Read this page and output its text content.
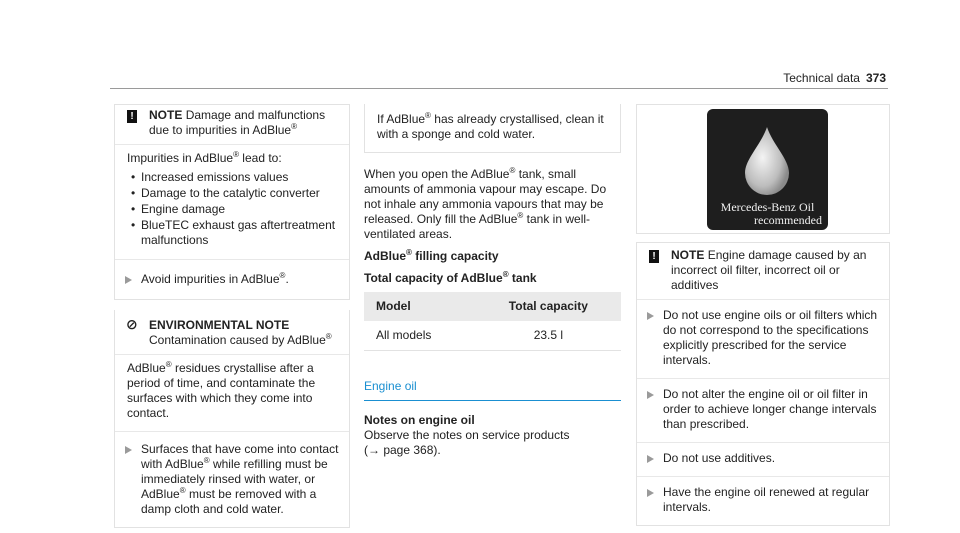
Technical data 373
! NOTE Damage and malfunctions due to impurities in AdBlue®

Impurities in AdBlue® lead to:

• Increased emissions values
• Damage to the catalytic converter
• Engine damage
• BlueTEC exhaust gas aftertreatment malfunctions
Avoid impurities in AdBlue®.
⊘ ENVIRONMENTAL NOTE Contamination caused by AdBlue®

AdBlue® residues crystallise after a period of time, and contaminate the surfaces with which they come into contact.

Surfaces that have come into contact with AdBlue® while refilling must be immediately rinsed with water, or AdBlue® must be removed with a damp cloth and cold water.

If AdBlue® has already crystallised, clean it with a sponge and cold water.

When you open the AdBlue® tank, small amounts of ammonia vapour may escape. Do not inhale any ammonia vapours that may be released. Only fill the AdBlue® tank in well-ventilated areas.

AdBlue® filling capacity

Total capacity of AdBlue® tank

Model	Total capacity
All models	23.5 l
Engine oil

Notes on engine oil

Observe the notes on service products (→ page 368).

Mercedes-Benz Oil
recommended
! NOTE Engine damage caused by an incorrect oil filter, incorrect oil or additives
Do not use engine oils or oil filters which do not correspond to the specifications explicitly prescribed for the service intervals.
Do not alter the engine oil or oil filter in order to achieve longer change intervals than prescribed.
Do not use additives.
Have the engine oil renewed at regular intervals.
